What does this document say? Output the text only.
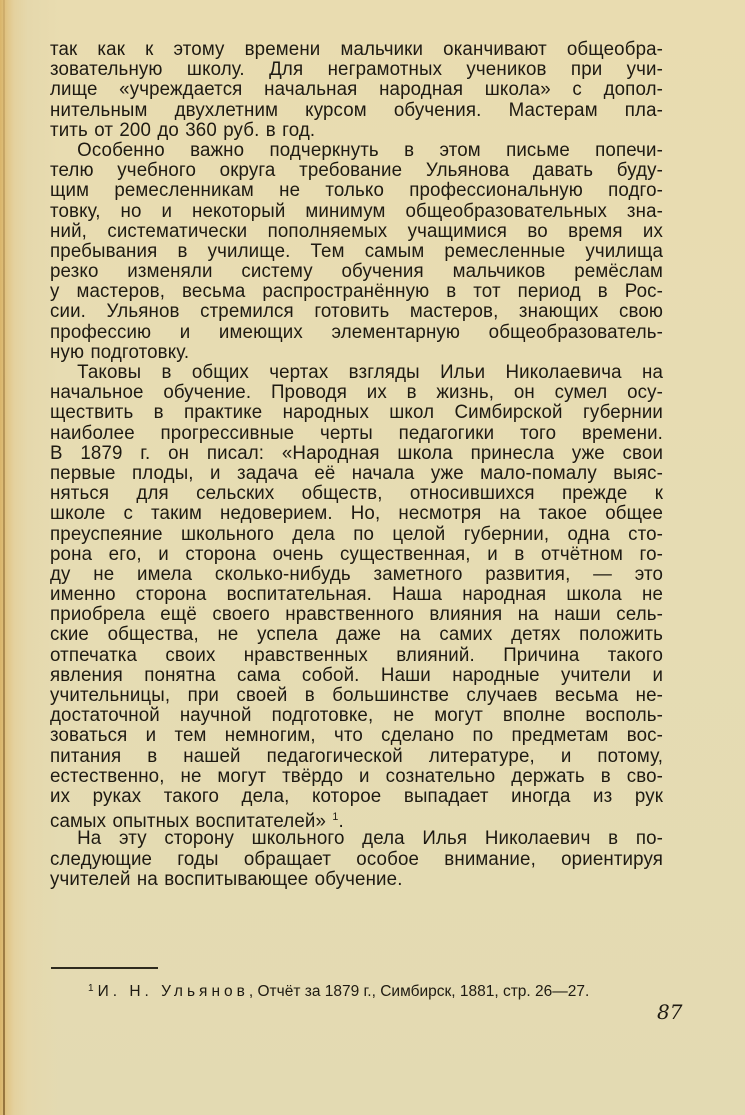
так как к этому времени мальчики оканчивают общеобра-
зовательную школу. Для неграмотных учеников при учи-
лище «учреждается начальная народная школа» с допол-
нительным двухлетним курсом обучения. Мастерам пла-
тить от 200 до 360 руб. в год.
Особенно важно подчеркнуть в этом письме попечи-
телю учебного округа требование Ульянова давать буду-
щим ремесленникам не только профессиональную подго-
товку, но и некоторый минимум общеобразовательных зна-
ний, систематически пополняемых учащимися во время их
пребывания в училище. Тем самым ремесленные училища
резко изменяли систему обучения мальчиков ремёслам
у мастеров, весьма распространённую в тот период в Рос-
сии. Ульянов стремился готовить мастеров, знающих свою
профессию и имеющих элементарную общеобразователь-
ную подготовку.
Таковы в общих чертах взгляды Ильи Николаевича на
начальное обучение. Проводя их в жизнь, он сумел осу-
ществить в практике народных школ Симбирской губернии
наиболее прогрессивные черты педагогики того времени.
В 1879 г. он писал: «Народная школа принесла уже свои
первые плоды, и задача её начала уже мало-помалу выяс-
няться для сельских обществ, относившихся прежде к
школе с таким недоверием. Но, несмотря на такое общее
преуспеяние школьного дела по целой губернии, одна сто-
рона его, и сторона очень существенная, и в отчётном го-
ду не имела сколько-нибудь заметного развития, — это
именно сторона воспитательная. Наша народная школа не
приобрела ещё своего нравственного влияния на наши сель-
ские общества, не успела даже на самих детях положить
отпечатка своих нравственных влияний. Причина такого
явления понятна сама собой. Наши народные учители и
учительницы, при своей в большинстве случаев весьма не-
достаточной научной подготовке, не могут вполне восполь-
зоваться и тем немногим, что сделано по предметам вос-
питания в нашей педагогической литературе, и потому,
естественно, не могут твёрдо и сознательно держать в сво-
их руках такого дела, которое выпадает иногда из рук
самых опытных воспитателей» $^1$.
На эту сторону школьного дела Илья Николаевич в по-
следующие годы обращает особое внимание, ориентируя
учителей на воспитывающее обучение.
$^1$ И. Н. Ульянов, Отчёт за 1879 г., Симбирск, 1881, стр. 26—27.
87
